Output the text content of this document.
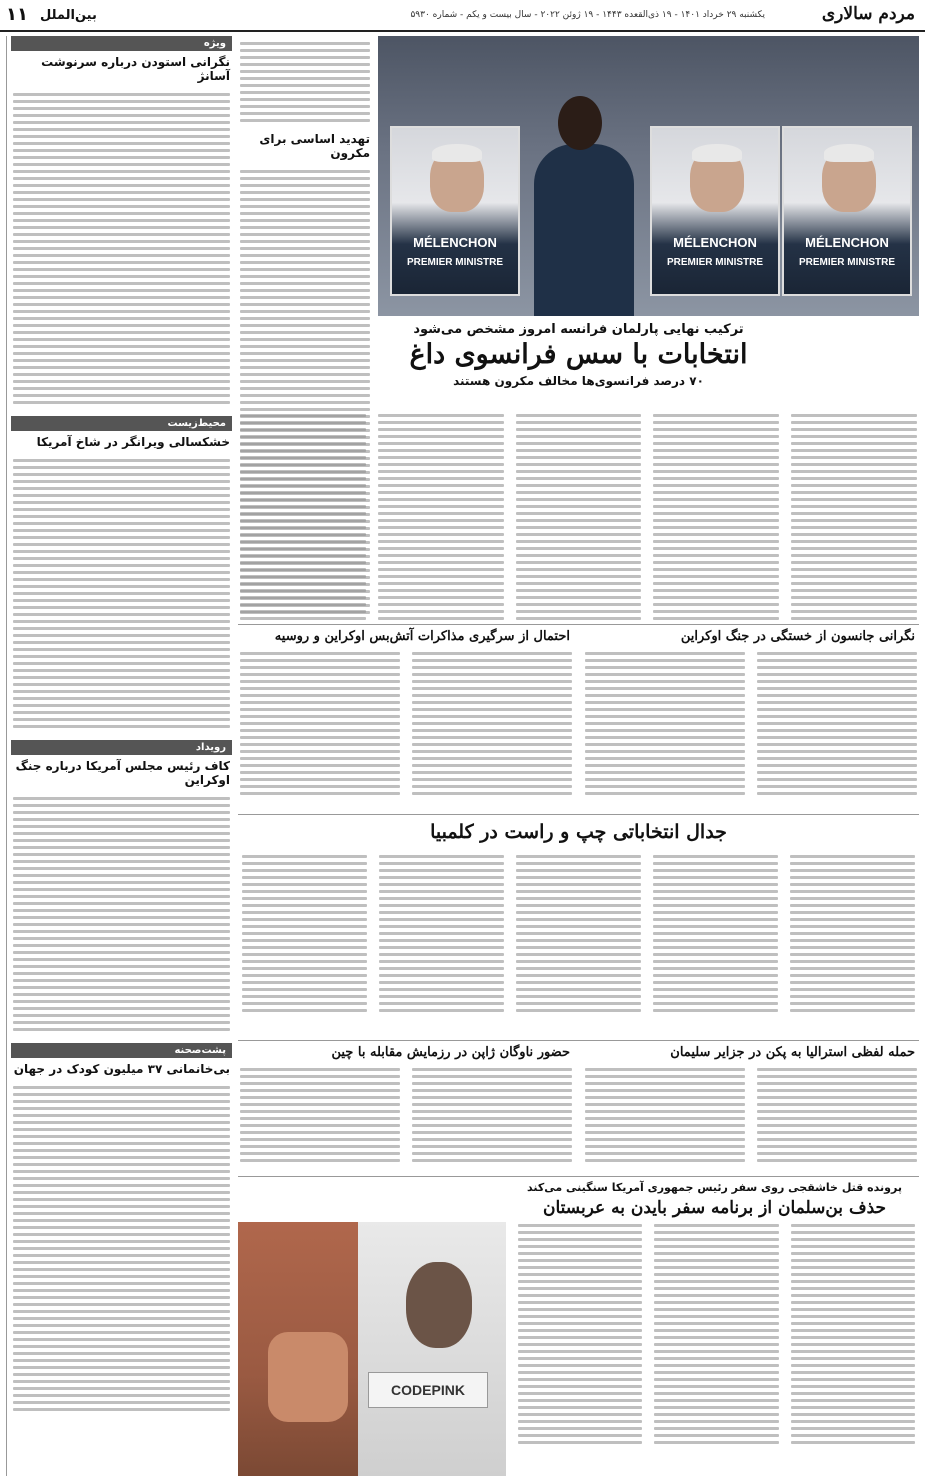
مردم سالاری
یکشنبه ۲۹ خرداد ۱۴۰۱ - ۱۹ ذی‌القعده ۱۴۴۳ - ۱۹ ژوئن ۲۰۲۲ - سال بیست و یکم - شماره ۵۹۳۰
بین‌الملل
۱۱
ویژه
نگرانی استودن درباره سرنوشت آسانژ
محیط‌زیست
خشکسالی ویرانگر در شاخ آمریکا
رویداد
کاف رئیس مجلس آمریکا درباره جنگ اوکراین
پشت‌صحنه
بی‌خانمانی ۳۷ میلیون کودک در جهان
تهدید اساسی برای مکرون
MÉLENCHON
PREMIER MINISTRE
MÉLENCHON
PREMIER MINISTRE
MÉLENCHON
PREMIER MINISTRE
ترکیب نهایی پارلمان فرانسه امروز مشخص می‌شود
انتخابات با سس فرانسوی داغ
۷۰ درصد فرانسوی‌ها مخالف مکرون هستند
نگرانی جانسون از خستگی در جنگ اوکراین
احتمال از سرگیری مذاکرات آتش‌بس اوکراین و روسیه
جدال انتخاباتی چپ و راست در کلمبیا
حمله لفظی استرالیا به پکن در جزایر سلیمان
حضور ناوگان ژاپن در رزمایش مقابله با چین
پرونده قتل خاشقجی روی سفر رئیس جمهوری آمریکا سنگینی می‌کند
حذف بن‌سلمان از برنامه سفر بایدن به عربستان
CODEPINK
